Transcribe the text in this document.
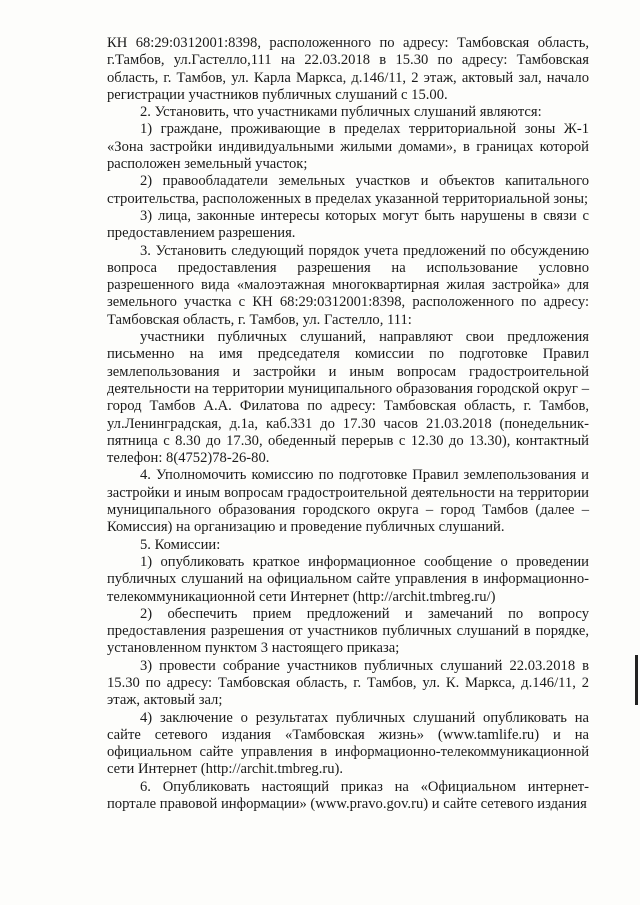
КН 68:29:0312001:8398, расположенного по адресу: Тамбовская область, г.Тамбов, ул.Гастелло,111 на 22.03.2018 в 15.30 по адресу: Тамбовская область, г. Тамбов, ул. Карла Маркса, д.146/11, 2 этаж, актовый зал, начало регистрации участников публичных слушаний с 15.00.

2. Установить, что участниками публичных слушаний являются:

1) граждане, проживающие в пределах территориальной зоны Ж-1 «Зона застройки индивидуальными жилыми домами», в границах которой расположен земельный участок;

2) правообладатели земельных участков и объектов капитального строительства, расположенных в пределах указанной территориальной зоны;

3) лица, законные интересы которых могут быть нарушены в связи с предоставлением разрешения.

3. Установить следующий порядок учета предложений по обсуждению вопроса предоставления разрешения на использование условно разрешенного вида «малоэтажная многоквартирная жилая застройка» для земельного участка с КН 68:29:0312001:8398, расположенного по адресу: Тамбовская область, г. Тамбов, ул. Гастелло, 111:

участники публичных слушаний, направляют свои предложения письменно на имя председателя комиссии по подготовке Правил землепользования и застройки и иным вопросам градостроительной деятельности на территории муниципального образования городской округ – город Тамбов А.А. Филатова по адресу: Тамбовская область, г. Тамбов, ул.Ленинградская, д.1а, каб.331 до 17.30 часов 21.03.2018 (понедельник-пятница с 8.30 до 17.30, обеденный перерыв с 12.30 до 13.30), контактный телефон: 8(4752)78-26-80.

4. Уполномочить комиссию по подготовке Правил землепользования и застройки и иным вопросам градостроительной деятельности на территории муниципального образования городского округа – город Тамбов (далее – Комиссия) на организацию и проведение публичных слушаний.

5. Комиссии:

1) опубликовать краткое информационное сообщение о проведении публичных слушаний на официальном сайте управления в информационно-телекоммуникационной сети Интернет (http://archit.tmbreg.ru/)

2) обеспечить прием предложений и замечаний по вопросу предоставления разрешения от участников публичных слушаний в порядке, установленном пунктом 3 настоящего приказа;

3) провести собрание участников публичных слушаний 22.03.2018 в 15.30 по адресу: Тамбовская область, г. Тамбов, ул. К. Маркса, д.146/11, 2 этаж, актовый зал;

4) заключение о результатах публичных слушаний опубликовать на сайте сетевого издания «Тамбовская жизнь» (www.tamlife.ru) и на официальном сайте управления в информационно-телекоммуникационной сети Интернет (http://archit.tmbreg.ru).

6. Опубликовать настоящий приказ на «Официальном интернет-портале правовой информации» (www.pravo.gov.ru) и сайте сетевого издания
